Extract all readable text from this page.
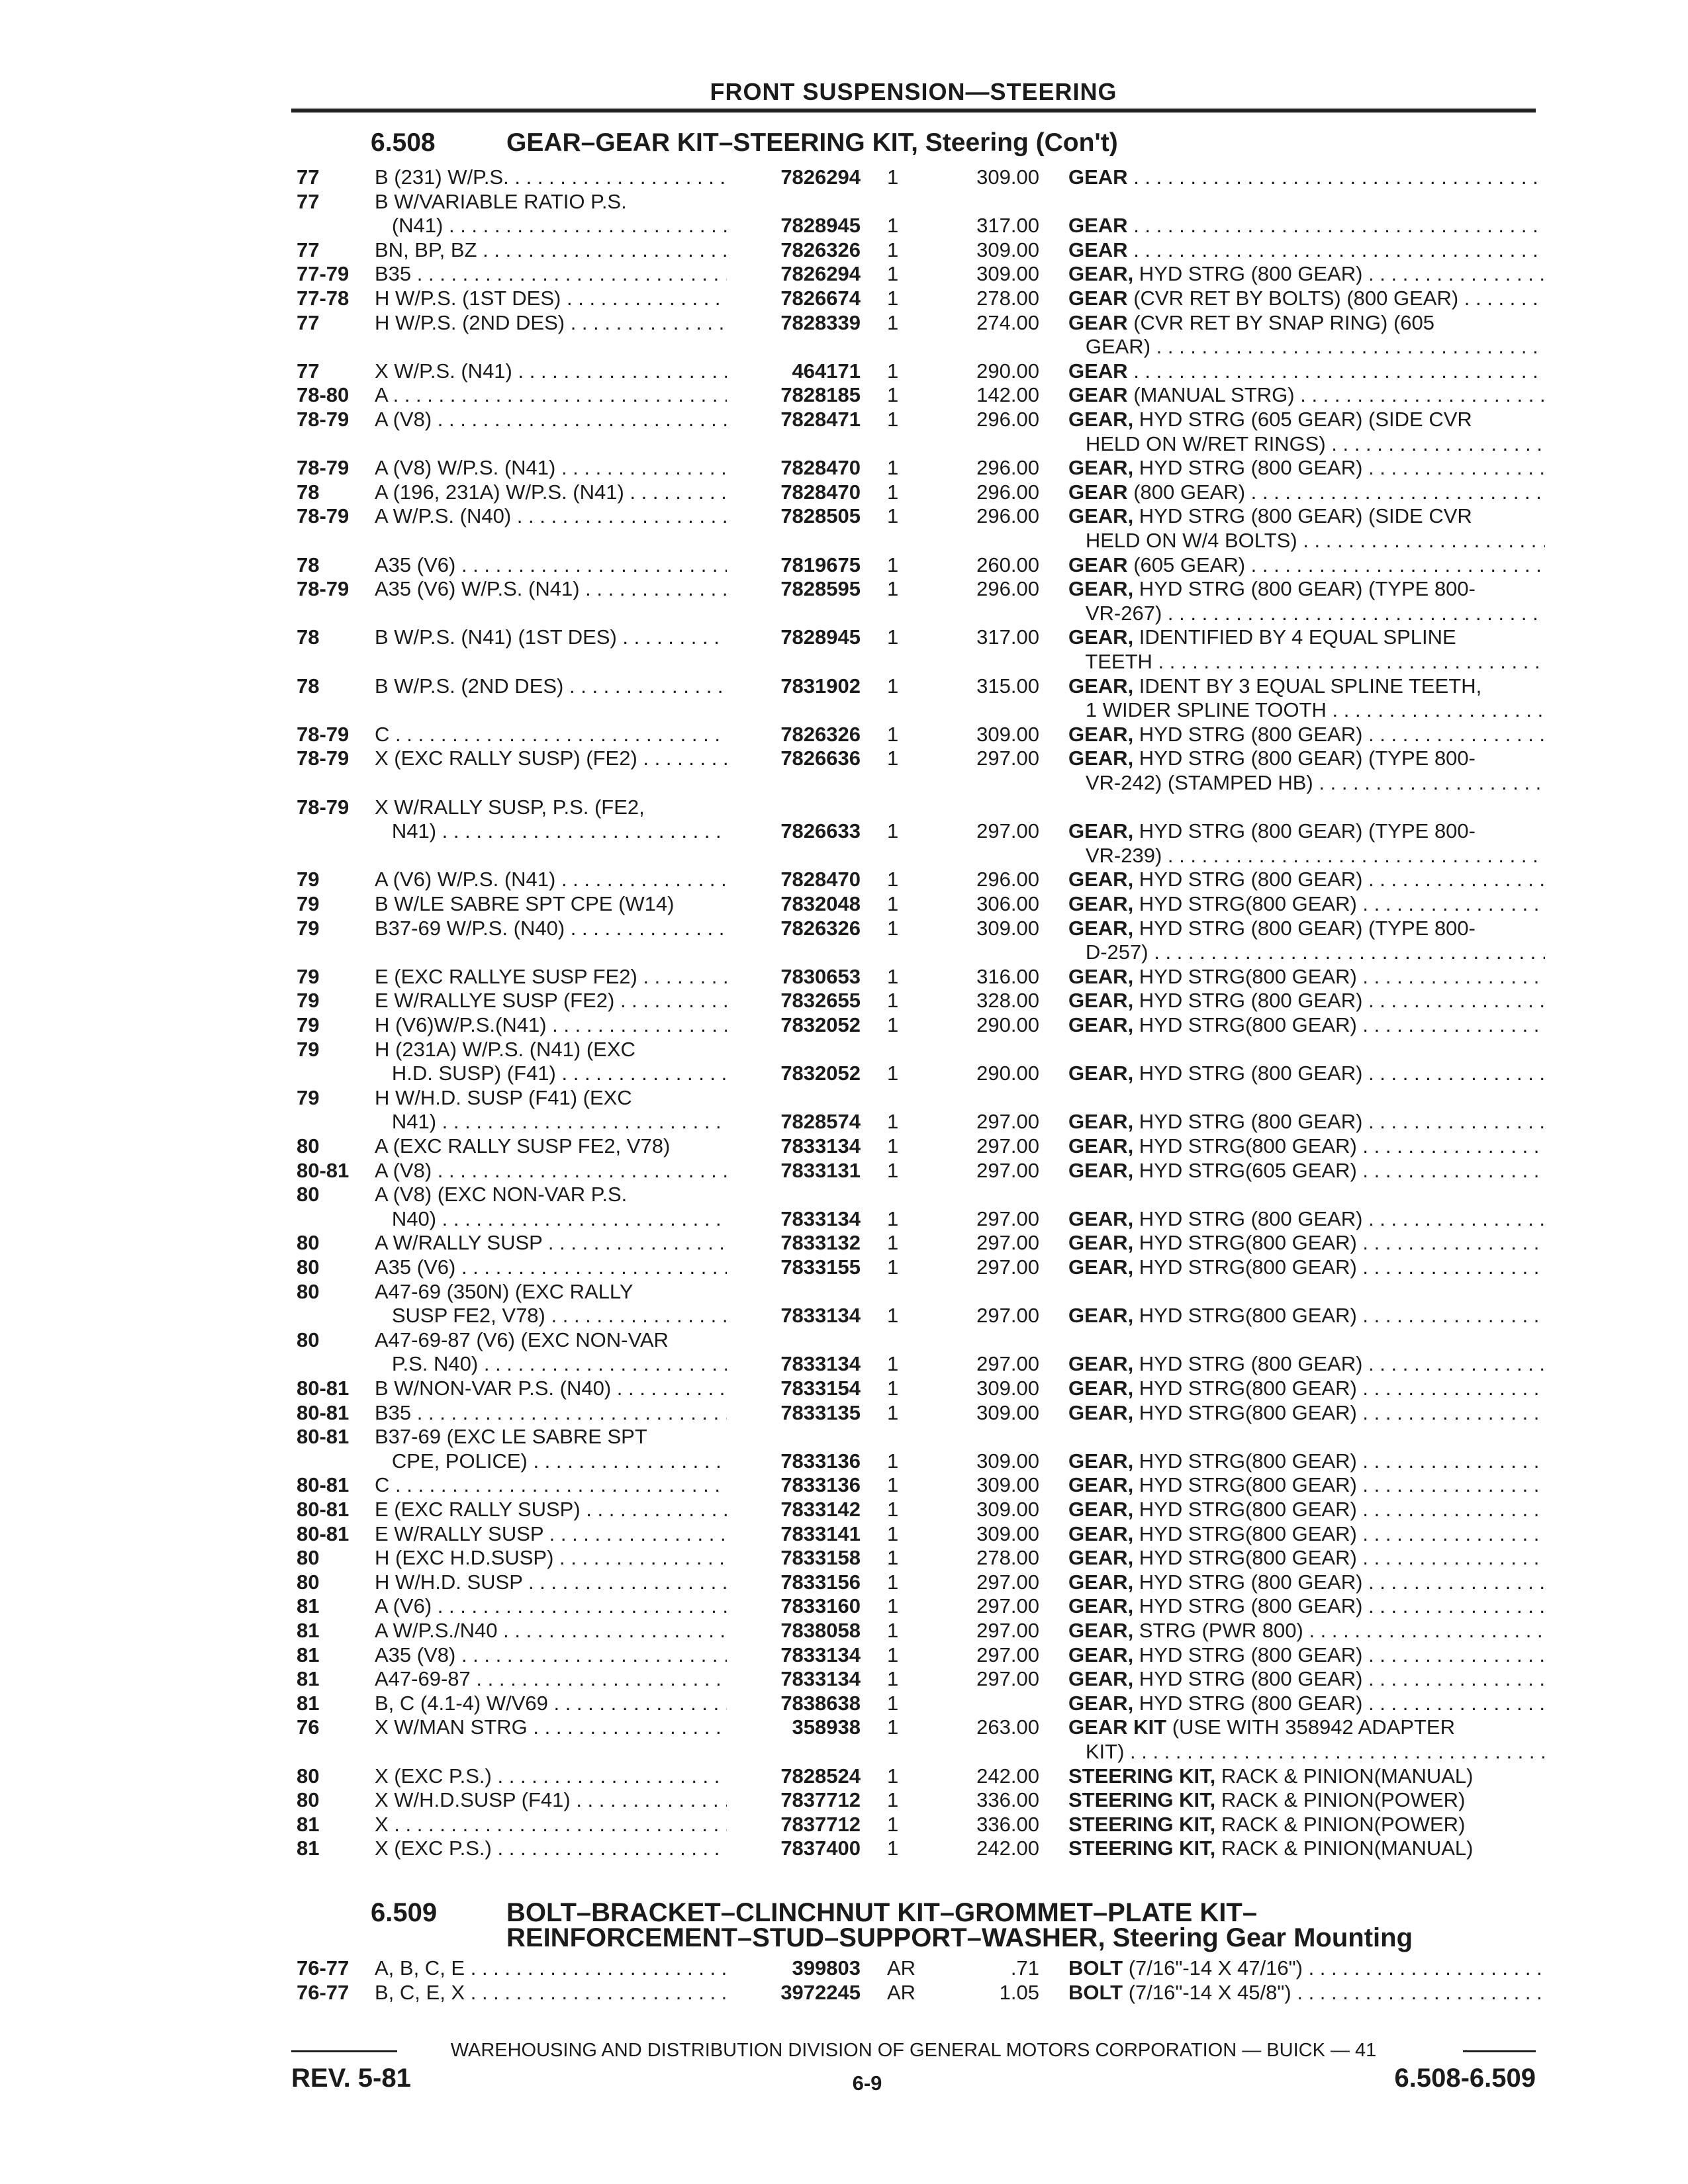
FRONT SUSPENSION—STEERING
6.508	GEAR–GEAR KIT–STEERING KIT, Steering (Con't)
77	B (231) W/P.S. . . .	7826294 1	309.00 GEAR . . .
77	B W/VARIABLE RATIO P.S.
(N41) . . .	7828945 1	317.00 GEAR . . .
77	BN, BP, BZ . . .	7826326 1	309.00 GEAR . . .
77-79	B35 . . .	7826294 1	309.00 GEAR, HYD STRG (800 GEAR) . . .
77-78	H W/P.S. (1ST DES) . . .	7826674 1	278.00 GEAR (CVR RET BY BOLTS) (800 GEAR) . . .
77	H W/P.S. (2ND DES) . . .	7828339 1	274.00 GEAR (CVR RET BY SNAP RING) (605
GEAR) . . .
77	X W/P.S. (N41) . . .	464171 1	290.00 GEAR . . .
78-80	A . . .	7828185 1	142.00 GEAR (MANUAL STRG) . . .
78-79	A (V8) . . .	7828471 1	296.00 GEAR, HYD STRG (605 GEAR) (SIDE CVR
HELD ON W/RET RINGS) . . .
78-79	A (V8) W/P.S. (N41) . . .	7828470 1	296.00 GEAR, HYD STRG (800 GEAR) . . .
78	A (196, 231A) W/P.S. (N41) . . .	7828470 1	296.00 GEAR (800 GEAR) . . .
78-79	A W/P.S. (N40) . . .	7828505 1	296.00 GEAR, HYD STRG (800 GEAR) (SIDE CVR
HELD ON W/4 BOLTS) . . .
78	A35 (V6) . . .	7819675 1	260.00 GEAR (605 GEAR) . . .
78-79	A35 (V6) W/P.S. (N41) . . .	7828595 1	296.00 GEAR, HYD STRG (800 GEAR) (TYPE 800-
VR-267) . . .
78	B W/P.S. (N41) (1ST DES) . . .	7828945 1	317.00 GEAR, IDENTIFIED BY 4 EQUAL SPLINE
TEETH . . .
78	B W/P.S. (2ND DES) . . .	7831902 1	315.00 GEAR, IDENT BY 3 EQUAL SPLINE TEETH,
1 WIDER SPLINE TOOTH . . .
78-79	C . . .	7826326 1	309.00 GEAR, HYD STRG (800 GEAR) . . .
78-79	X (EXC RALLY SUSP) (FE2) . . .	7826636 1	297.00 GEAR, HYD STRG (800 GEAR) (TYPE 800-
VR-242) (STAMPED HB) . . .
78-79	X W/RALLY SUSP, P.S. (FE2,
N41) . . .	7826633 1	297.00 GEAR, HYD STRG (800 GEAR) (TYPE 800-
VR-239) . . .
79	A (V6) W/P.S. (N41) . . .	7828470 1	296.00 GEAR, HYD STRG (800 GEAR) . . .
79	B W/LE SABRE SPT CPE (W14)	7832048 1	306.00 GEAR, HYD STRG(800 GEAR) . . .
79	B37-69 W/P.S. (N40) . . .	7826326 1	309.00 GEAR, HYD STRG (800 GEAR) (TYPE 800-
D-257) . . .
79	E (EXC RALLYE SUSP FE2) . . .	7830653 1	316.00 GEAR, HYD STRG(800 GEAR) . . .
79	E W/RALLYE SUSP (FE2) . . .	7832655 1	328.00 GEAR, HYD STRG (800 GEAR) . . .
79	H (V6)W/P.S.(N41) . . .	7832052 1	290.00 GEAR, HYD STRG(800 GEAR) . . .
79	H (231A) W/P.S. (N41) (EXC
H.D. SUSP) (F41) . . .	7832052 1	290.00 GEAR, HYD STRG (800 GEAR) . . .
79	H W/H.D. SUSP (F41) (EXC
N41) . . .	7828574 1	297.00 GEAR, HYD STRG (800 GEAR) . . .
80	A (EXC RALLY SUSP FE2, V78)	7833134 1	297.00 GEAR, HYD STRG(800 GEAR) . . .
80-81	A (V8) . . .	7833131 1	297.00 GEAR, HYD STRG(605 GEAR) . . .
80	A (V8) (EXC NON-VAR P.S.
N40) . . .	7833134 1	297.00 GEAR, HYD STRG (800 GEAR) . . .
80	A W/RALLY SUSP . . .	7833132 1	297.00 GEAR, HYD STRG(800 GEAR) . . .
80	A35 (V6) . . .	7833155 1	297.00 GEAR, HYD STRG(800 GEAR) . . .
80	A47-69 (350N) (EXC RALLY
SUSP FE2, V78) . . .	7833134 1	297.00 GEAR, HYD STRG(800 GEAR) . . .
80	A47-69-87 (V6) (EXC NON-VAR
P.S. N40) . . .	7833134 1	297.00 GEAR, HYD STRG (800 GEAR) . . .
80-81	B W/NON-VAR P.S. (N40) . . .	7833154 1	309.00 GEAR, HYD STRG(800 GEAR) . . .
80-81	B35 . . .	7833135 1	309.00 GEAR, HYD STRG(800 GEAR) . . .
80-81	B37-69 (EXC LE SABRE SPT
CPE, POLICE) . . .	7833136 1	309.00 GEAR, HYD STRG(800 GEAR) . . .
80-81	C . . .	7833136 1	309.00 GEAR, HYD STRG(800 GEAR) . . .
80-81	E (EXC RALLY SUSP) . . .	7833142 1	309.00 GEAR, HYD STRG(800 GEAR) . . .
80-81	E W/RALLY SUSP . . .	7833141 1	309.00 GEAR, HYD STRG(800 GEAR) . . .
80	H (EXC H.D.SUSP) . . .	7833158 1	278.00 GEAR, HYD STRG(800 GEAR) . . .
80	H W/H.D. SUSP . . .	7833156 1	297.00 GEAR, HYD STRG (800 GEAR) . . .
81	A (V6) . . .	7833160 1	297.00 GEAR, HYD STRG (800 GEAR) . . .
81	A W/P.S./N40 . . .	7838058 1	297.00 GEAR, STRG (PWR 800) . . .
81	A35 (V8) . . .	7833134 1	297.00 GEAR, HYD STRG (800 GEAR) . . .
81	A47-69-87 . . .	7833134 1	297.00 GEAR, HYD STRG (800 GEAR) . . .
81	B, C (4.1-4) W/V69 . . .	7838638 1	GEAR, HYD STRG (800 GEAR) . . .
76	X W/MAN STRG . . .	358938 1	263.00 GEAR KIT (USE WITH 358942 ADAPTER
KIT) . . .
80	X (EXC P.S.) . . .	7828524 1	242.00 STEERING KIT, RACK & PINION(MANUAL)
80	X W/H.D.SUSP (F41) . . .	7837712 1	336.00 STEERING KIT, RACK & PINION(POWER)
81	X . . .	7837712 1	336.00 STEERING KIT, RACK & PINION(POWER)
81	X (EXC P.S.) . . .	7837400 1	242.00 STEERING KIT, RACK & PINION(MANUAL)
76-77	A, B, C, E . . .	399803 AR	.71 BOLT (7/16"-14 X 47/16") . . .
76-77	B, C, E, X . . .	3972245 AR	1.05 BOLT (7/16"-14 X 45/8") . . .
6.509	BOLT–BRACKET–CLINCHNUT KIT–GROMMET–PLATE KIT–
REINFORCEMENT–STUD–SUPPORT–WASHER, Steering Gear Mounting
WAREHOUSING AND DISTRIBUTION DIVISION OF GENERAL MOTORS CORPORATION — BUICK — 41
REV. 5-81	6-9	6.508-6.509
